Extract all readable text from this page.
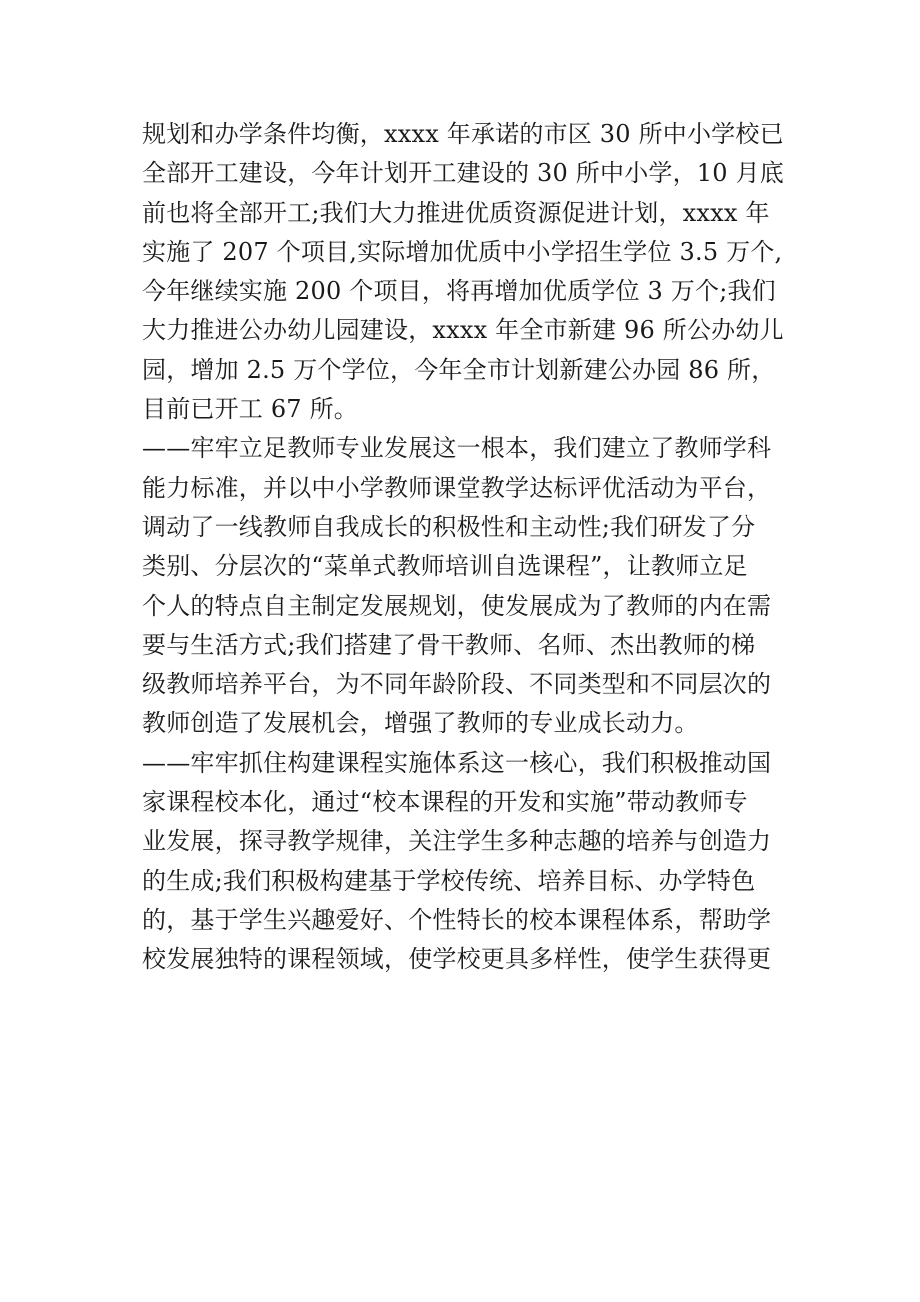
规划和办学条件均衡，xxxx 年承诺的市区 30 所中小学校已
全部开工建设，今年计划开工建设的 30 所中小学，10 月底
前也将全部开工;我们大力推进优质资源促进计划，xxxx 年
实施了 207 个项目,实际增加优质中小学招生学位 3.5 万个,
今年继续实施 200 个项目，将再增加优质学位 3 万个;我们
大力推进公办幼儿园建设，xxxx 年全市新建 96 所公办幼儿
园，增加 2.5 万个学位，今年全市计划新建公办园 86 所，
目前已开工 67 所。
——牢牢立足教师专业发展这一根本，我们建立了教师学科
能力标准，并以中小学教师课堂教学达标评优活动为平台，
调动了一线教师自我成长的积极性和主动性;我们研发了分
类别、分层次的“菜单式教师培训自选课程”，让教师立足
个人的特点自主制定发展规划，使发展成为了教师的内在需
要与生活方式;我们搭建了骨干教师、名师、杰出教师的梯
级教师培养平台，为不同年龄阶段、不同类型和不同层次的
教师创造了发展机会，增强了教师的专业成长动力。
——牢牢抓住构建课程实施体系这一核心，我们积极推动国
家课程校本化，通过“校本课程的开发和实施”带动教师专
业发展，探寻教学规律，关注学生多种志趣的培养与创造力
的生成;我们积极构建基于学校传统、培养目标、办学特色
的，基于学生兴趣爱好、个性特长的校本课程体系，帮助学
校发展独特的课程领域，使学校更具多样性，使学生获得更
